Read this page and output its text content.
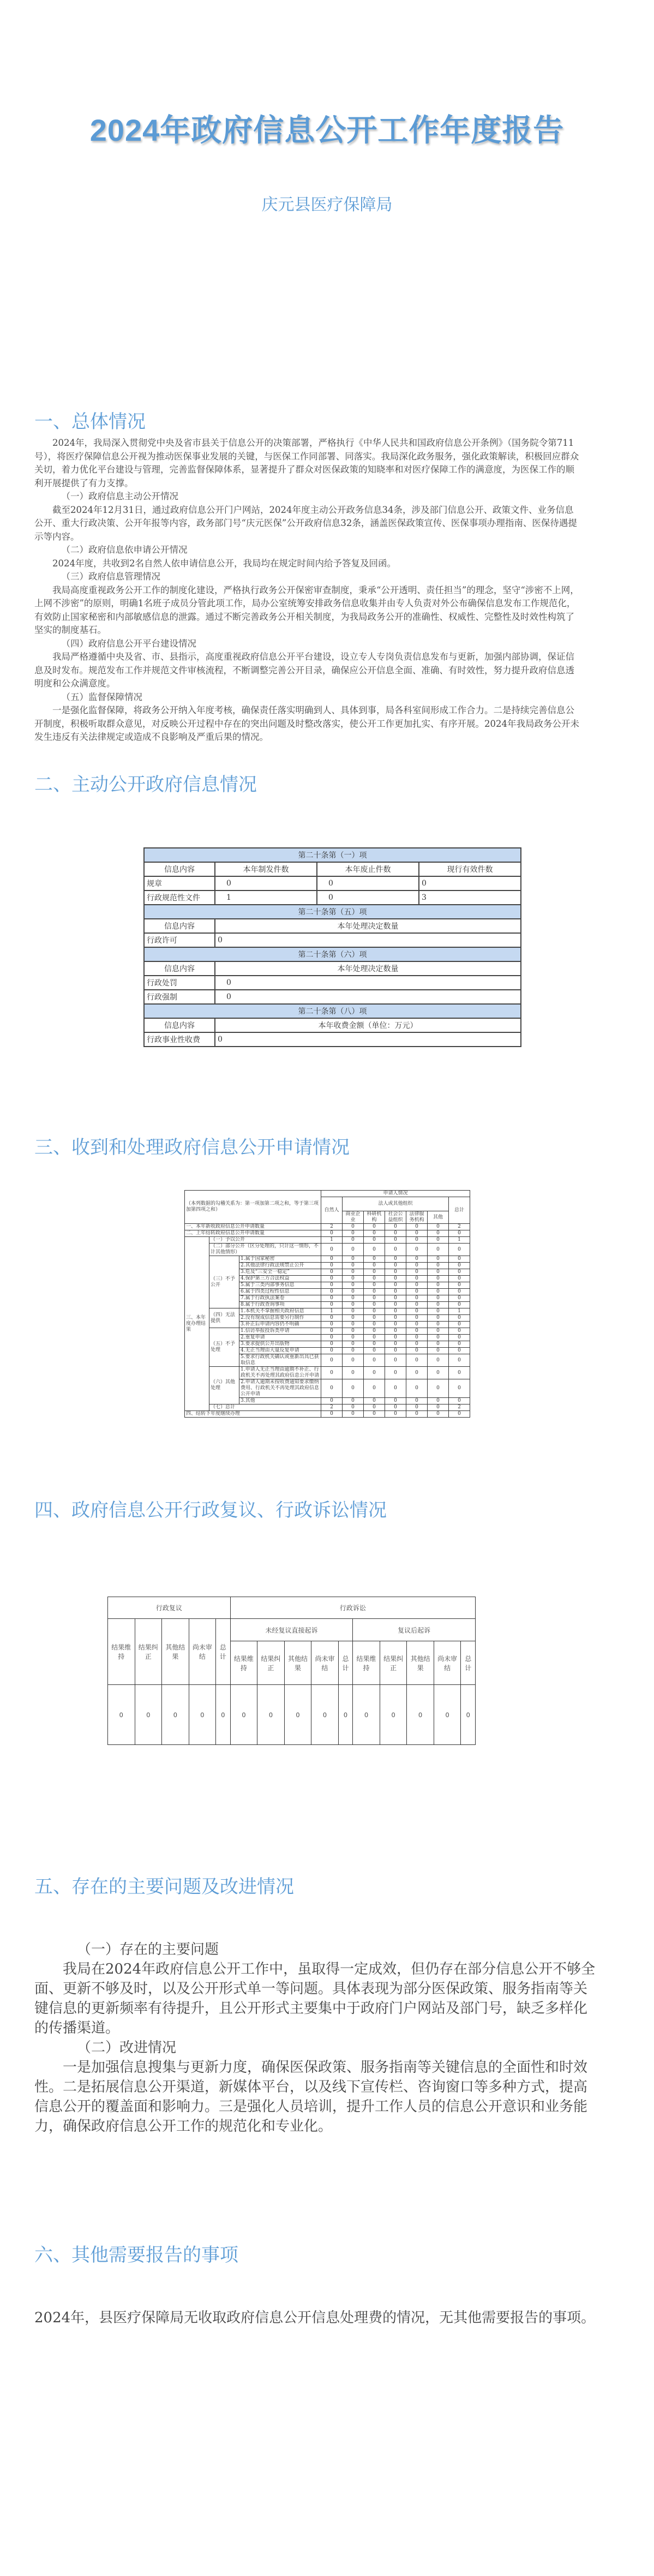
2024年政府信息公开工作年度报告
庆元县医疗保障局
一、总体情况

2024年，我局深入贯彻党中央及省市县关于信息公开的决策部署，严格执行《中华人民共和国政府信息公开条例》（国务院令第711号），将医疗保障信息公开视为推动医保事业发展的关键，与医保工作同部署、同落实。我局深化政务服务，强化政策解读，积极回应群众关切，着力优化平台建设与管理，完善监督保障体系，显著提升了群众对医保政策的知晓率和对医疗保障工作的满意度，为医保工作的顺利开展提供了有力支撑。

（一）政府信息主动公开情况

截至2024年12月31日，通过政府信息公开门户网站，2024年度主动公开政务信息34条，涉及部门信息公开、政策文件、业务信息公开、重大行政决策、公开年报等内容，政务部门号“庆元医保”公开政府信息32条，涵盖医保政策宣传、医保事项办理指南、医保待遇提示等内容。

（二）政府信息依申请公开情况

2024年度，共收到2名自然人依申请信息公开，我局均在规定时间内给予答复及回函。

（三）政府信息管理情况

我局高度重视政务公开工作的制度化建设，严格执行政务公开保密审查制度，秉承“公开透明、责任担当”的理念，坚守“涉密不上网，上网不涉密”的原则，明确1名班子成员分管此项工作，局办公室统筹安排政务信息收集并由专人负责对外公布确保信息发布工作规范化，有效防止国家秘密和内部敏感信息的泄露。通过不断完善政务公开相关制度，为我局政务公开的准确性、权威性、完整性及时效性构筑了坚实的制度基石。

（四）政府信息公开平台建设情况

我局严格遵循中央及省、市、县指示，高度重视政府信息公开平台建设，设立专人专岗负责信息发布与更新，加强内部协调，保证信息及时发布。规范发布工作并规范文件审核流程，不断调整完善公开目录，确保应公开信息全面、准确、有时效性，努力提升政府信息透明度和公众满意度。

（五）监督保障情况

一是强化监督保障，将政务公开纳入年度考核，确保责任落实明确到人、具体到事，局各科室间形成工作合力。二是持续完善信息公开制度，积极听取群众意见，对反映公开过程中存在的突出问题及时整改落实，使公开工作更加扎实、有序开展。2024年我局政务公开未发生违反有关法律规定或造成不良影响及严重后果的情况。

二、主动公开政府信息情况
第二十条第（一）项			
信息内容	本年制发件数	本年废止件数	现行有效件数
规章	0	0	0
行政规范性文件	1	0	3
第二十条第（五）项			
信息内容	本年处理决定数量		
行政许可	0		
第二十条第（六）项			
信息内容	本年处理决定数量		
行政处罚	0		
行政强制	0		
第二十条第（八）项			
信息内容	本年收费金额（单位：万元）		
行政事业性收费	0		
三、收到和处理政府信息公开申请情况
（本列数据的勾稽关系为：第一项加第二项之和，等于第三项加第四项之和）			申请人情况						
			自然人	法人或其他组织					总计
				商业企业	科研机构	社会公益组织	法律服务机构	其他	
一、本年新收政府信息公开申请数量			2	0	0	0	0	0	2
二、上年结转政府信息公开申请数量			0	0	0	0	0	0	0
三、本年度办理结果	（一）予以公开		1	0	0	0	0	0	1
	（二）部分公开（区分处理的，只计这一情形，不计其他情形）		0	0	0	0	0	0	0
	（三）不予公开	1.属于国家秘密	0	0	0	0	0	0	0
		2.其他法律行政法规禁止公开	0	0	0	0	0	0	0
		3.危及“三安全一稳定”	0	0	0	0	0	0	0
		4.保护第三方合法权益	0	0	0	0	0	0	0
		5.属于三类内部事务信息	0	0	0	0	0	0	0
		6.属于四类过程性信息	0	0	0	0	0	0	0
		7.属于行政执法案卷	0	0	0	0	0	0	0
		8.属于行政查询事项	0	0	0	0	0	0	0
	（四）无法提供	1.本机关不掌握相关政府信息	1	0	0	0	0	0	1
		2.没有现成信息需要另行制作	0	0	0	0	0	0	0
		3.补正后申请内容仍不明确	0	0	0	0	0	0	0
	（五）不予处理	1.信访举报投诉类申请	0	0	0	0	0	0	0
		2.重复申请	0	0	0	0	0	0	0
		3.要求提供公开出版物	0	0	0	0	0	0	0
		4.无正当理由大量反复申请	0	0	0	0	0	0	0
		5.要求行政机关确认或重新出具已获取信息	0	0	0	0	0	0	0
	（六）其他处理	1.申请人无正当理由逾期不补正、行政机关不再处理其政府信息公开申请	0	0	0	0	0	0	0
		2.申请人逾期未按收费通知要求缴纳费用、行政机关不再处理其政府信息公开申请	0	0	0	0	0	0	0
		3.其他	0	0	0	0	0	0	0
	（七）总计		2	0	0	0	0	0	2
四、结转下年度继续办理			0	0	0	0	0	0	0
四、政府信息公开行政复议、行政诉讼情况
行政复议					行政诉讼									
结果维持	结果纠正	其他结果	尚未审结	总计	未经复议直接起诉					复议后起诉				
					结果维持	结果纠正	其他结果	尚未审结	总计	结果维持	结果纠正	其他结果	尚未审结	总计
0	0	0	0	0	0	0	0	0	0	0	0	0	0	0
五、存在的主要问题及改进情况

（一）存在的主要问题

我局在2024年政府信息公开工作中，虽取得一定成效，但仍存在部分信息公开不够全面、更新不够及时，以及公开形式单一等问题。具体表现为部分医保政策、服务指南等关键信息的更新频率有待提升，且公开形式主要集中于政府门户网站及部门号，缺乏多样化的传播渠道。

（二）改进情况

一是加强信息搜集与更新力度，确保医保政策、服务指南等关键信息的全面性和时效性。二是拓展信息公开渠道，新媒体平台，以及线下宣传栏、咨询窗口等多种方式，提高信息公开的覆盖面和影响力。三是强化人员培训，提升工作人员的信息公开意识和业务能力，确保政府信息公开工作的规范化和专业化。

六、其他需要报告的事项

2024年，县医疗保障局无收取政府信息公开信息处理费的情况，无其他需要报告的事项。
